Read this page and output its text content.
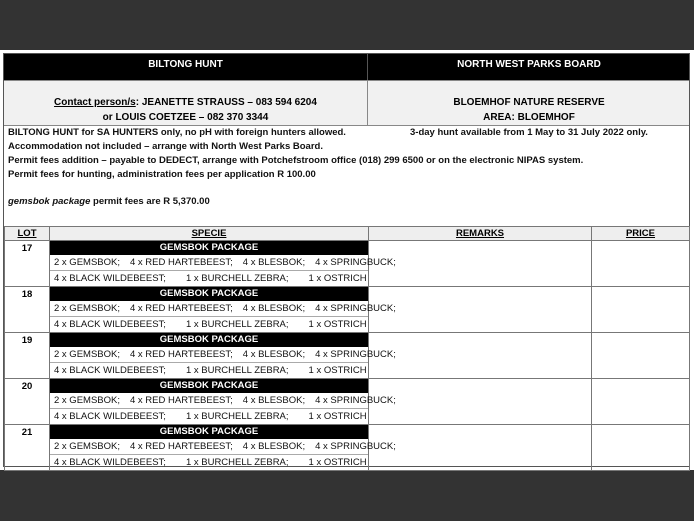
BILTONG HUNT	NORTH WEST PARKS BOARD
Contact person/s: JEANETTE STRAUSS – 083 594 6204
or LOUIS COETZEE – 082 370 3344
BLOEMHOF NATURE RESERVE
AREA: BLOEMHOF
BILTONG HUNT for SA HUNTERS only, no pH with foreign hunters allowed.
Accommodation not included – arrange with North West Parks Board.
Permit fees addition – payable to DEDECT, arrange with Potchefstroom office (018) 299 6500 or on the electronic NIPAS system.
Permit fees for hunting, administration fees per application R 100.00
3-day hunt available from 1 May to 31 July 2022 only.
gemsbok package permit fees are R 5,370.00
LOT	SPECIE	REMARKS	PRICE
17	GEMSBOK PACKAGE
2 x GEMSBOK; 4 x RED HARTEBEEST; 4 x BLESBOK; 4 x SPRINGBUCK;
4 x BLACK WILDEBEEST; 1 x BURCHELL ZEBRA; 1 x OSTRICH		

18	GEMSBOK PACKAGE
2 x GEMSBOK; 4 x RED HARTEBEEST; 4 x BLESBOK; 4 x SPRINGBUCK;
4 x BLACK WILDEBEEST; 1 x BURCHELL ZEBRA; 1 x OSTRICH		

19	GEMSBOK PACKAGE
2 x GEMSBOK; 4 x RED HARTEBEEST; 4 x BLESBOK; 4 x SPRINGBUCK;
4 x BLACK WILDEBEEST; 1 x BURCHELL ZEBRA; 1 x OSTRICH		

20	GEMSBOK PACKAGE
2 x GEMSBOK; 4 x RED HARTEBEEST; 4 x BLESBOK; 4 x SPRINGBUCK;
4 x BLACK WILDEBEEST; 1 x BURCHELL ZEBRA; 1 x OSTRICH		

21	GEMSBOK PACKAGE
2 x GEMSBOK; 4 x RED HARTEBEEST; 4 x BLESBOK; 4 x SPRINGBUCK;
4 x BLACK WILDEBEEST; 1 x BURCHELL ZEBRA; 1 x OSTRICH		
